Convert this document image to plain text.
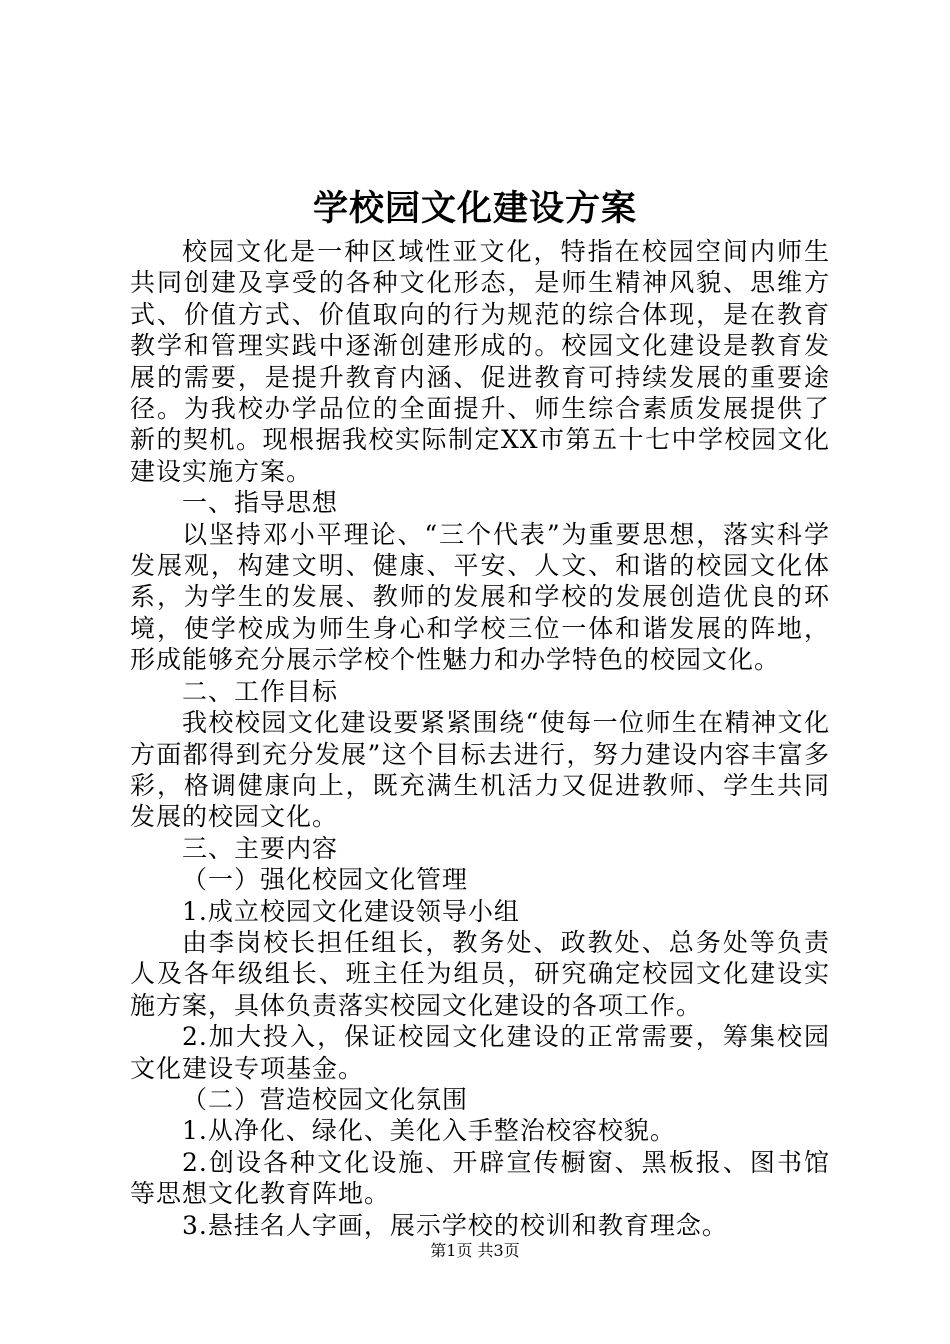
学校园文化建设方案

校园文化是一种区域性亚文化，特指在校园空间内师生共同创建及享受的各种文化形态，是师生精神风貌、思维方式、价值方式、价值取向的行为规范的综合体现，是在教育教学和管理实践中逐渐创建形成的。校园文化建设是教育发展的需要，是提升教育内涵、促进教育可持续发展的重要途径。为我校办学品位的全面提升、师生综合素质发展提供了新的契机。现根据我校实际制定XX市第五十七中学校园文化建设实施方案。

一、指导思想

以坚持邓小平理论、“三个代表”为重要思想，落实科学发展观，构建文明、健康、平安、人文、和谐的校园文化体系，为学生的发展、教师的发展和学校的发展创造优良的环境，使学校成为师生身心和学校三位一体和谐发展的阵地，形成能够充分展示学校个性魅力和办学特色的校园文化。

二、工作目标

我校校园文化建设要紧紧围绕“使每一位师生在精神文化方面都得到充分发展”这个目标去进行，努力建设内容丰富多彩，格调健康向上，既充满生机活力又促进教师、学生共同发展的校园文化。

三、主要内容

（一）强化校园文化管理

1.成立校园文化建设领导小组

由李岗校长担任组长，教务处、政教处、总务处等负责人及各年级组长、班主任为组员，研究确定校园文化建设实施方案，具体负责落实校园文化建设的各项工作。

2.加大投入，保证校园文化建设的正常需要，筹集校园文化建设专项基金。

（二）营造校园文化氛围

1.从净化、绿化、美化入手整治校容校貌。

2.创设各种文化设施、开辟宣传橱窗、黑板报、图书馆等思想文化教育阵地。

3.悬挂名人字画，展示学校的校训和教育理念。

第1页 共3页
